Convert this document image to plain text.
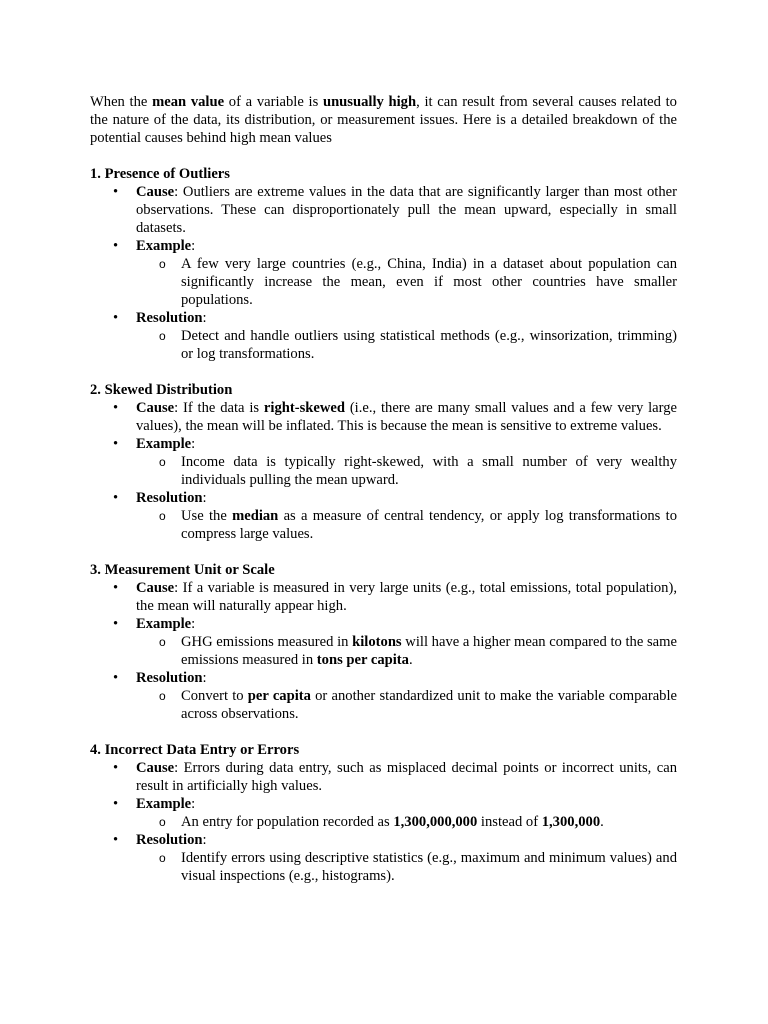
When the mean value of a variable is unusually high, it can result from several causes related to the nature of the data, its distribution, or measurement issues. Here is a detailed breakdown of the potential causes behind high mean values

1. Presence of Outliers
• Cause: Outliers are extreme values in the data that are significantly larger than most other observations. These can disproportionately pull the mean upward, especially in small datasets.

• Example:

o A few very large countries (e.g., China, India) in a dataset about population can significantly increase the mean, even if most other countries have smaller populations.

• Resolution:

o Detect and handle outliers using statistical methods (e.g., winsorization, trimming) or log transformations.

2. Skewed Distribution
• Cause: If the data is right-skewed (i.e., there are many small values and a few very large values), the mean will be inflated. This is because the mean is sensitive to extreme values.

• Example:

o Income data is typically right-skewed, with a small number of very wealthy individuals pulling the mean upward.

• Resolution:

o Use the median as a measure of central tendency, or apply log transformations to compress large values.

3. Measurement Unit or Scale
• Cause: If a variable is measured in very large units (e.g., total emissions, total population), the mean will naturally appear high.

• Example:

o GHG emissions measured in kilotons will have a higher mean compared to the same emissions measured in tons per capita.

• Resolution:

o Convert to per capita or another standardized unit to make the variable comparable across observations.

4. Incorrect Data Entry or Errors
• Cause: Errors during data entry, such as misplaced decimal points or incorrect units, can result in artificially high values.

• Example:

o An entry for population recorded as 1,300,000,000 instead of 1,300,000.

• Resolution:

o Identify errors using descriptive statistics (e.g., maximum and minimum values) and visual inspections (e.g., histograms).
